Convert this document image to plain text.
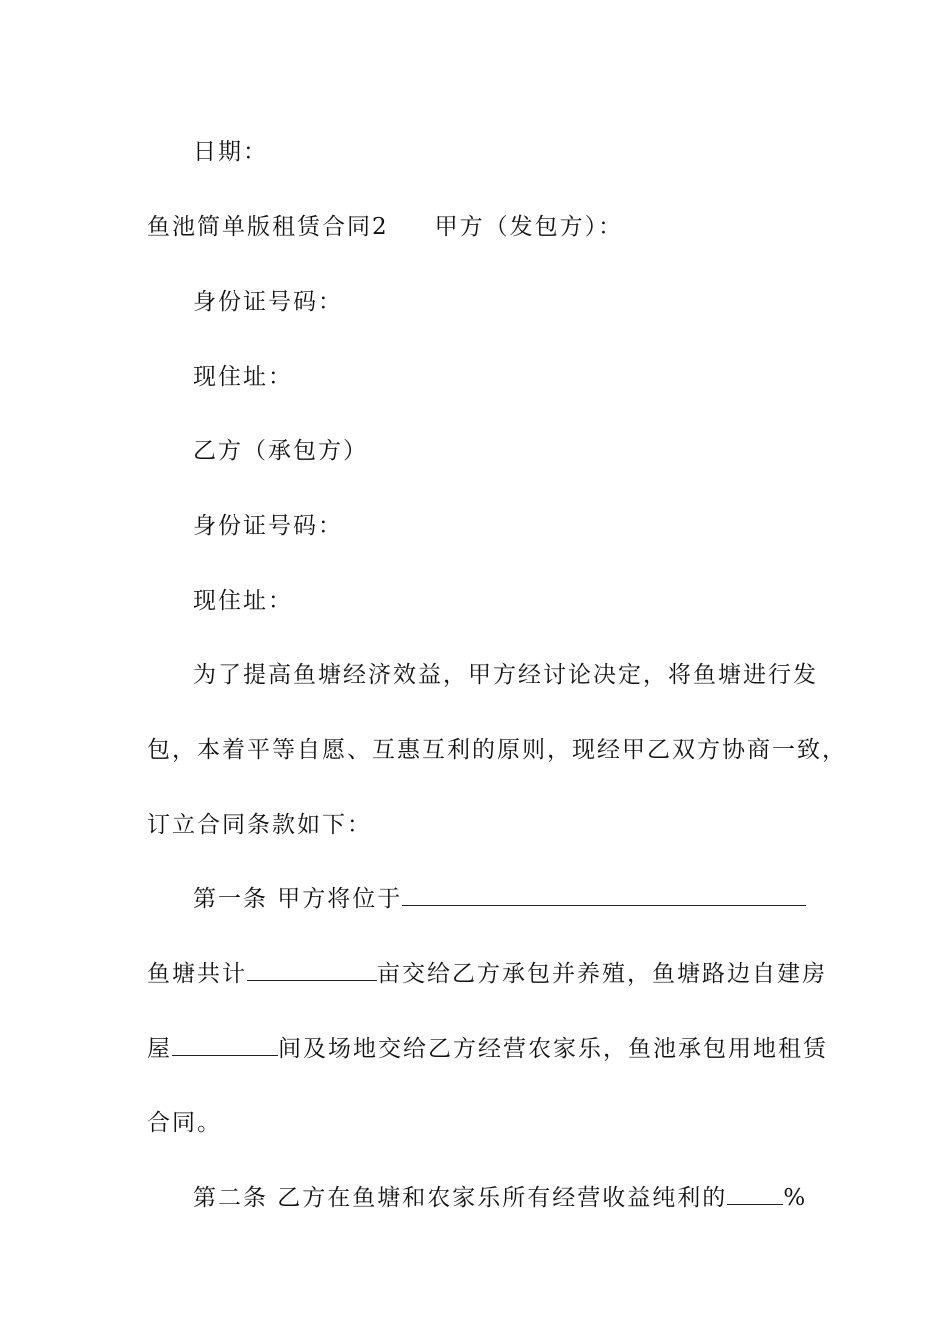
日期：
鱼池简单版租赁合同2 甲方（发包方）：
身份证号码：
现住址：
乙方（承包方）
身份证号码：
现住址：
为了提高鱼塘经济效益，甲方经讨论决定，将鱼塘进行发
包，本着平等自愿、互惠互利的原则，现经甲乙双方协商一致，
订立合同条款如下：
第一条 甲方将位于
鱼塘共计	亩交给乙方承包并养殖，鱼塘路边自建房
屋	间及场地交给乙方经营农家乐，鱼池承包用地租赁
合同。
第二条 乙方在鱼塘和农家乐所有经营收益纯利的 %
